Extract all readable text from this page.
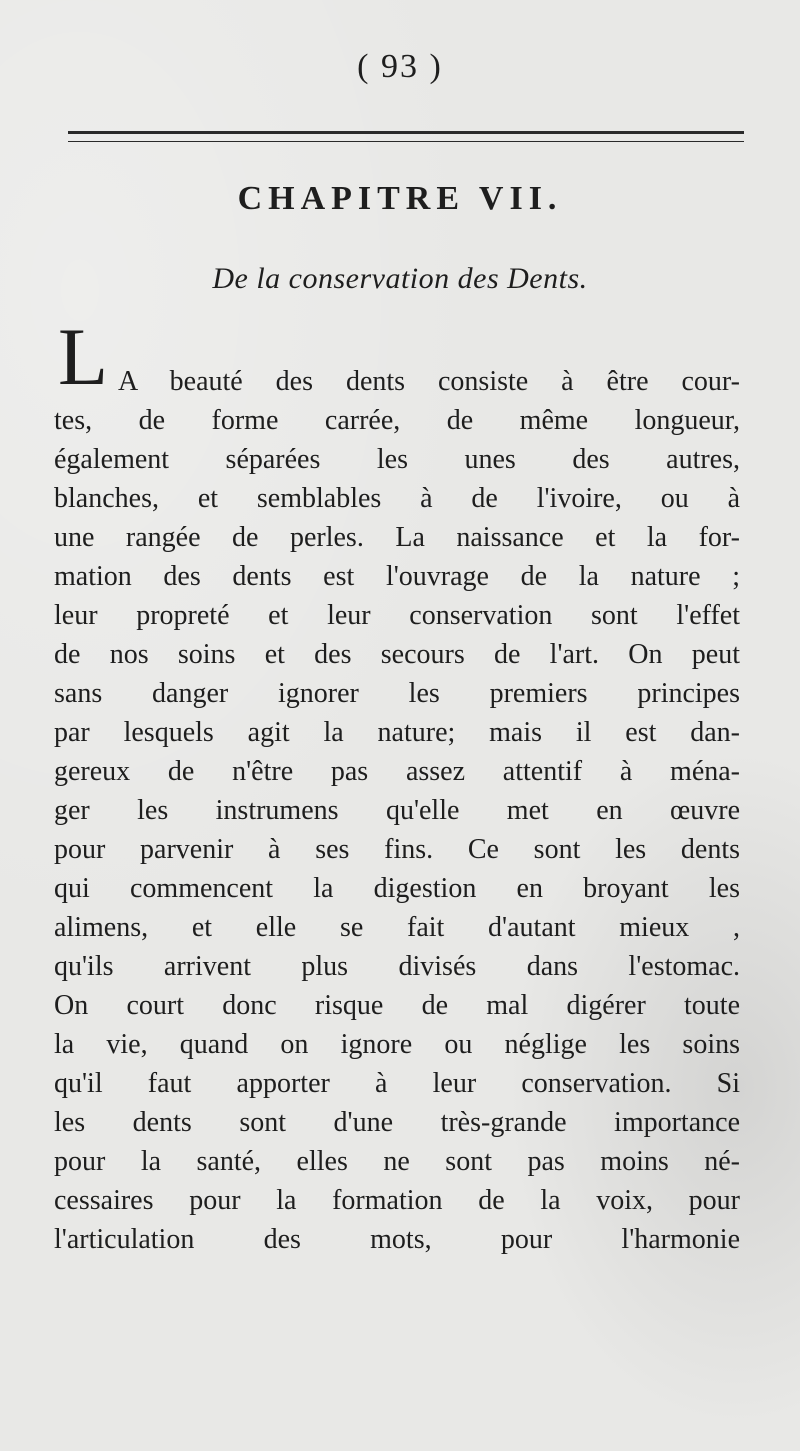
( 93 )
CHAPITRE VII.
De la conservation des Dents.
L A beauté des dents consiste à être cour-
tes, de forme carrée, de même longueur,
également séparées les unes des autres,
blanches, et semblables à de l'ivoire, ou à
une rangée de perles. La naissance et la for-
mation des dents est l'ouvrage de la nature ;
leur propreté et leur conservation sont l'effet
de nos soins et des secours de l'art. On peut
sans danger ignorer les premiers principes
par lesquels agit la nature; mais il est dan-
gereux de n'être pas assez attentif à ména-
ger les instrumens qu'elle met en œuvre
pour parvenir à ses fins. Ce sont les dents
qui commencent la digestion en broyant les
alimens, et elle se fait d'autant mieux ,
qu'ils arrivent plus divisés dans l'estomac.
On court donc risque de mal digérer toute
la vie, quand on ignore ou néglige les soins
qu'il faut apporter à leur conservation. Si
les dents sont d'une très-grande importance
pour la santé, elles ne sont pas moins né-
cessaires pour la formation de la voix, pour
l'articulation des mots, pour l'harmonie
